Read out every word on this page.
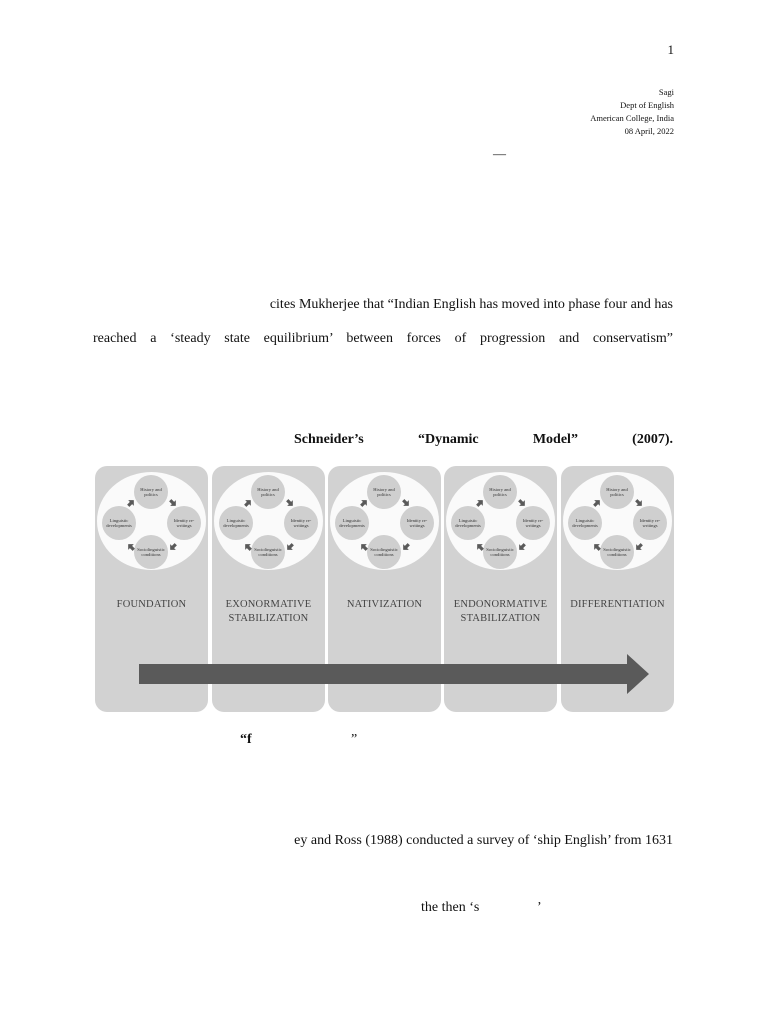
1
Sagi
Dept of English
American College, India
08 April, 2022
—
cites Mukherjee that “Indian English has moved into phase four and has
reached a ‘steady state equilibrium’ between forces of progression and conservatism”
Schneider’s	“Dynamic	Model”	(2007).
History and politics
Linguistic developments
Identity re-writings
Sociolinguistic conditions
FOUNDATION
History and politics
Linguistic developments
Identity re-writings
Sociolinguistic conditions
EXONORMATIVE
STABILIZATION
History and politics
Linguistic developments
Identity re-writings
Sociolinguistic conditions
NATIVIZATION
History and politics
Linguistic developments
Identity re-writings
Sociolinguistic conditions
ENDONORMATIVE
STABILIZATION
History and politics
Linguistic developments
Identity re-writings
Sociolinguistic conditions
DIFFERENTIATION
“f	”
ey and Ross (1988) conducted a survey of ‘ship English’ from 1631
the then ‘s	’
